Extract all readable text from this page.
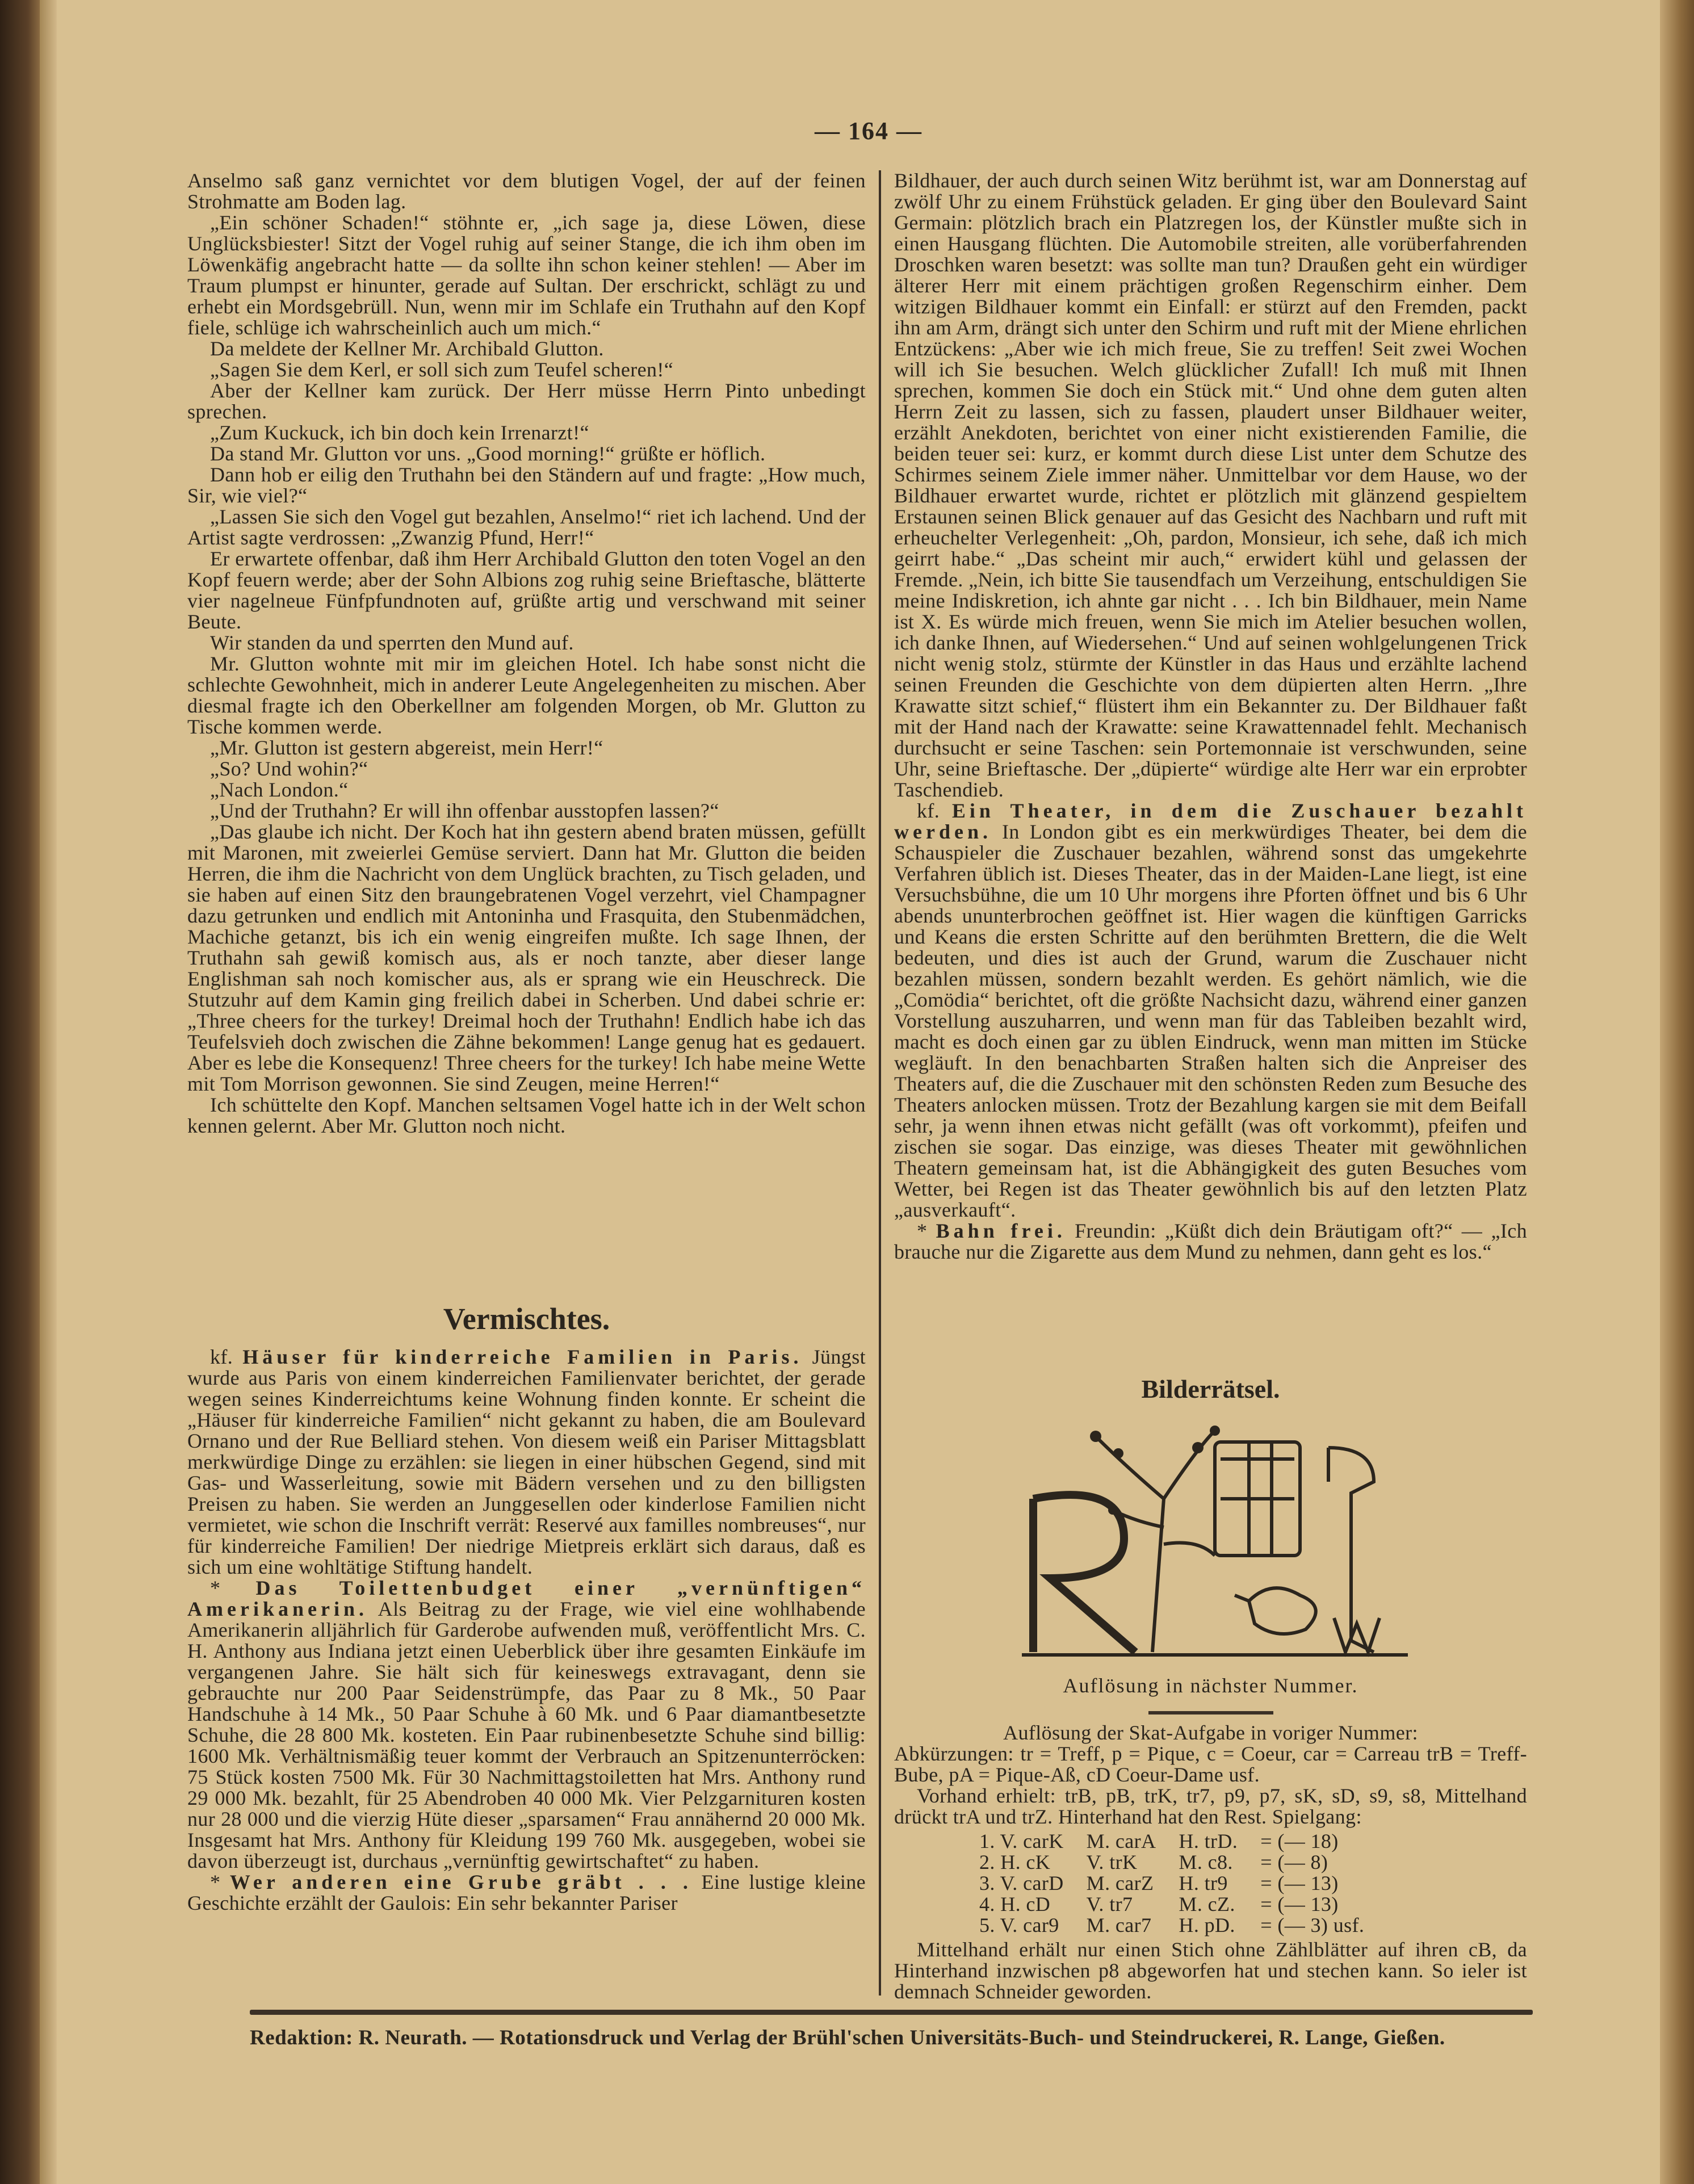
— 164 —

Anselmo saß ganz vernichtet vor dem blutigen Vogel, der auf der feinen Strohmatte am Boden lag.

„Ein schöner Schaden!“ stöhnte er, „ich sage ja, diese Löwen, diese Unglücksbiester! Sitzt der Vogel ruhig auf seiner Stange, die ich ihm oben im Löwenkäfig angebracht hatte — da sollte ihn schon keiner stehlen! — Aber im Traum plumpst er hinunter, gerade auf Sultan. Der erschrickt, schlägt zu und erhebt ein Mordsgebrüll. Nun, wenn mir im Schlafe ein Truthahn auf den Kopf fiele, schlüge ich wahrscheinlich auch um mich.“

Da meldete der Kellner Mr. Archibald Glutton.

„Sagen Sie dem Kerl, er soll sich zum Teufel scheren!“

Aber der Kellner kam zurück. Der Herr müsse Herrn Pinto unbedingt sprechen.

„Zum Kuckuck, ich bin doch kein Irrenarzt!“

Da stand Mr. Glutton vor uns. „Good morning!“ grüßte er höflich.

Dann hob er eilig den Truthahn bei den Ständern auf und fragte: „How much, Sir, wie viel?“

„Lassen Sie sich den Vogel gut bezahlen, Anselmo!“ riet ich lachend. Und der Artist sagte verdrossen: „Zwanzig Pfund, Herr!“

Er erwartete offenbar, daß ihm Herr Archibald Glutton den toten Vogel an den Kopf feuern werde; aber der Sohn Albions zog ruhig seine Brieftasche, blätterte vier nagelneue Fünfpfundnoten auf, grüßte artig und verschwand mit seiner Beute.

Wir standen da und sperrten den Mund auf.

Mr. Glutton wohnte mit mir im gleichen Hotel. Ich habe sonst nicht die schlechte Gewohnheit, mich in anderer Leute Angelegenheiten zu mischen. Aber diesmal fragte ich den Oberkellner am folgenden Morgen, ob Mr. Glutton zu Tische kommen werde.

„Mr. Glutton ist gestern abgereist, mein Herr!“

„So? Und wohin?“

„Nach London.“

„Und der Truthahn? Er will ihn offenbar ausstopfen lassen?“

„Das glaube ich nicht. Der Koch hat ihn gestern abend braten müssen, gefüllt mit Maronen, mit zweierlei Gemüse serviert. Dann hat Mr. Glutton die beiden Herren, die ihm die Nachricht von dem Unglück brachten, zu Tisch geladen, und sie haben auf einen Sitz den braungebratenen Vogel verzehrt, viel Champagner dazu getrunken und endlich mit Antoninha und Frasquita, den Stubenmädchen, Machiche getanzt, bis ich ein wenig eingreifen mußte. Ich sage Ihnen, der Truthahn sah gewiß komisch aus, als er noch tanzte, aber dieser lange Englishman sah noch komischer aus, als er sprang wie ein Heuschreck. Die Stutzuhr auf dem Kamin ging freilich dabei in Scherben. Und dabei schrie er: „Three cheers for the turkey! Dreimal hoch der Truthahn! Endlich habe ich das Teufelsvieh doch zwischen die Zähne bekommen! Lange genug hat es gedauert. Aber es lebe die Konsequenz! Three cheers for the turkey! Ich habe meine Wette mit Tom Morrison gewonnen. Sie sind Zeugen, meine Herren!“

Ich schüttelte den Kopf. Manchen seltsamen Vogel hatte ich in der Welt schon kennen gelernt. Aber Mr. Glutton noch nicht.

Vermischtes.

kf. Häuser für kinderreiche Familien in Paris. Jüngst wurde aus Paris von einem kinderreichen Familienvater berichtet, der gerade wegen seines Kinderreichtums keine Wohnung finden konnte. Er scheint die „Häuser für kinderreiche Familien“ nicht gekannt zu haben, die am Boulevard Ornano und der Rue Belliard stehen. Von diesem weiß ein Pariser Mittagsblatt merkwürdige Dinge zu erzählen: sie liegen in einer hübschen Gegend, sind mit Gas- und Wasserleitung, sowie mit Bädern versehen und zu den billigsten Preisen zu haben. Sie werden an Junggesellen oder kinderlose Familien nicht vermietet, wie schon die Inschrift verrät: Reservé aux familles nombreuses“, nur für kinderreiche Familien! Der niedrige Mietpreis erklärt sich daraus, daß es sich um eine wohltätige Stiftung handelt.

* Das Toilettenbudget einer „vernünftigen“ Amerikanerin. Als Beitrag zu der Frage, wie viel eine wohlhabende Amerikanerin alljährlich für Garderobe aufwenden muß, veröffentlicht Mrs. C. H. Anthony aus Indiana jetzt einen Ueberblick über ihre gesamten Einkäufe im vergangenen Jahre. Sie hält sich für keineswegs extravagant, denn sie gebrauchte nur 200 Paar Seidenstrümpfe, das Paar zu 8 Mk., 50 Paar Handschuhe à 14 Mk., 50 Paar Schuhe à 60 Mk. und 6 Paar diamantbesetzte Schuhe, die 28 800 Mk. kosteten. Ein Paar rubinenbesetzte Schuhe sind billig: 1600 Mk. Verhältnismäßig teuer kommt der Verbrauch an Spitzenunterröcken: 75 Stück kosten 7500 Mk. Für 30 Nachmittagstoiletten hat Mrs. Anthony rund 29 000 Mk. bezahlt, für 25 Abendroben 40 000 Mk. Vier Pelzgarnituren kosten nur 28 000 und die vierzig Hüte dieser „sparsamen“ Frau annähernd 20 000 Mk. Insgesamt hat Mrs. Anthony für Kleidung 199 760 Mk. ausgegeben, wobei sie davon überzeugt ist, durchaus „vernünftig gewirtschaftet“ zu haben.

* Wer anderen eine Grube gräbt . . . Eine lustige kleine Geschichte erzählt der Gaulois: Ein sehr bekannter Pariser

Bildhauer, der auch durch seinen Witz berühmt ist, war am Donnerstag auf zwölf Uhr zu einem Frühstück geladen. Er ging über den Boulevard Saint Germain: plötzlich brach ein Platzregen los, der Künstler mußte sich in einen Hausgang flüchten. Die Automobile streiten, alle vorüberfahrenden Droschken waren besetzt: was sollte man tun? Draußen geht ein würdiger älterer Herr mit einem prächtigen großen Regenschirm einher. Dem witzigen Bildhauer kommt ein Einfall: er stürzt auf den Fremden, packt ihn am Arm, drängt sich unter den Schirm und ruft mit der Miene ehrlichen Entzückens: „Aber wie ich mich freue, Sie zu treffen! Seit zwei Wochen will ich Sie besuchen. Welch glücklicher Zufall! Ich muß mit Ihnen sprechen, kommen Sie doch ein Stück mit.“ Und ohne dem guten alten Herrn Zeit zu lassen, sich zu fassen, plaudert unser Bildhauer weiter, erzählt Anekdoten, berichtet von einer nicht existierenden Familie, die beiden teuer sei: kurz, er kommt durch diese List unter dem Schutze des Schirmes seinem Ziele immer näher. Unmittelbar vor dem Hause, wo der Bildhauer erwartet wurde, richtet er plötzlich mit glänzend gespieltem Erstaunen seinen Blick genauer auf das Gesicht des Nachbarn und ruft mit erheuchelter Verlegenheit: „Oh, pardon, Monsieur, ich sehe, daß ich mich geirrt habe.“ „Das scheint mir auch,“ erwidert kühl und gelassen der Fremde. „Nein, ich bitte Sie tausendfach um Verzeihung, entschuldigen Sie meine Indiskretion, ich ahnte gar nicht . . . Ich bin Bildhauer, mein Name ist X. Es würde mich freuen, wenn Sie mich im Atelier besuchen wollen, ich danke Ihnen, auf Wiedersehen.“ Und auf seinen wohlgelungenen Trick nicht wenig stolz, stürmte der Künstler in das Haus und erzählte lachend seinen Freunden die Geschichte von dem düpierten alten Herrn. „Ihre Krawatte sitzt schief,“ flüstert ihm ein Bekannter zu. Der Bildhauer faßt mit der Hand nach der Krawatte: seine Krawattennadel fehlt. Mechanisch durchsucht er seine Taschen: sein Portemonnaie ist verschwunden, seine Uhr, seine Brieftasche. Der „düpierte“ würdige alte Herr war ein erprobter Taschendieb.

kf. Ein Theater, in dem die Zuschauer bezahlt werden. In London gibt es ein merkwürdiges Theater, bei dem die Schauspieler die Zuschauer bezahlen, während sonst das umgekehrte Verfahren üblich ist. Dieses Theater, das in der Maiden-Lane liegt, ist eine Versuchsbühne, die um 10 Uhr morgens ihre Pforten öffnet und bis 6 Uhr abends ununterbrochen geöffnet ist. Hier wagen die künftigen Garricks und Keans die ersten Schritte auf den berühmten Brettern, die die Welt bedeuten, und dies ist auch der Grund, warum die Zuschauer nicht bezahlen müssen, sondern bezahlt werden. Es gehört nämlich, wie die „Comödia“ berichtet, oft die größte Nachsicht dazu, während einer ganzen Vorstellung auszuharren, und wenn man für das Tableiben bezahlt wird, macht es doch einen gar zu üblen Eindruck, wenn man mitten im Stücke wegläuft. In den benachbarten Straßen halten sich die Anpreiser des Theaters auf, die die Zuschauer mit den schönsten Reden zum Besuche des Theaters anlocken müssen. Trotz der Bezahlung kargen sie mit dem Beifall sehr, ja wenn ihnen etwas nicht gefällt (was oft vorkommt), pfeifen und zischen sie sogar. Das einzige, was dieses Theater mit gewöhnlichen Theatern gemeinsam hat, ist die Abhängigkeit des guten Besuches vom Wetter, bei Regen ist das Theater gewöhnlich bis auf den letzten Platz „ausverkauft“.

* Bahn frei. Freundin: „Küßt dich dein Bräutigam oft?“ — „Ich brauche nur die Zigarette aus dem Mund zu nehmen, dann geht es los.“

Bilderrätsel.
Auflösung in nächster Nummer.

Auflösung der Skat-Aufgabe in voriger Nummer:

Abkürzungen: tr = Treff, p = Pique, c = Coeur, car = Carreau trB = Treff-Bube, pA = Pique-Aß, cD Coeur-Dame usf.

Vorhand erhielt: trB, pB, trK, tr7, p9, p7, sK, sD, s9, s8, Mittelhand drückt trA und trZ. Hinterhand hat den Rest. Spielgang:

1. V. carK	M. carA	H. trD.	= (— 18)
2. H. cK	V. trK	M. c8.	= (— 8)
3. V. carD	M. carZ	H. tr9	= (— 13)
4. H. cD	V. tr7	M. cZ.	= (— 13)
5. V. car9	M. car7	H. pD.	= (— 3) usf.

Mittelhand erhält nur einen Stich ohne Zählblätter auf ihren cB, da Hinterhand inzwischen p8 abgeworfen hat und stechen kann. So ieler ist demnach Schneider geworden.

Redaktion: R. Neurath. — Rotationsdruck und Verlag der Brühl'schen Universitäts-Buch- und Steindruckerei, R. Lange, Gießen.
